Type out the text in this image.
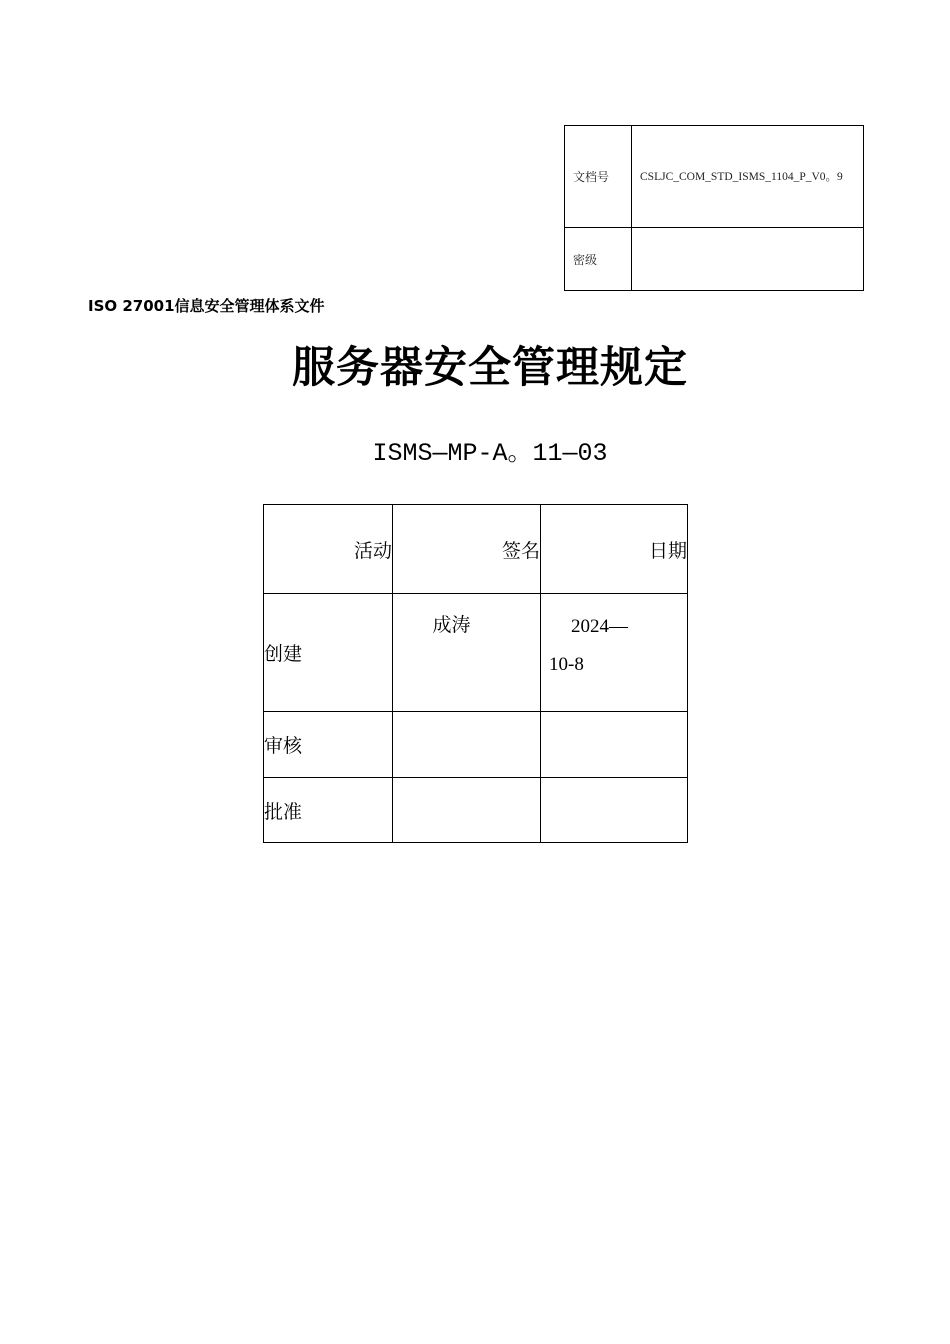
文档号	CSLJC_COM_STD_ISMS_1104_P_V0。9

密级	
ISO 27001信息安全管理体系文件
服务器安全管理规定
ISMS—MP-A。11—03
活动	签名	日期
创建	成涛	2024—
10-8

审核		
批准		
